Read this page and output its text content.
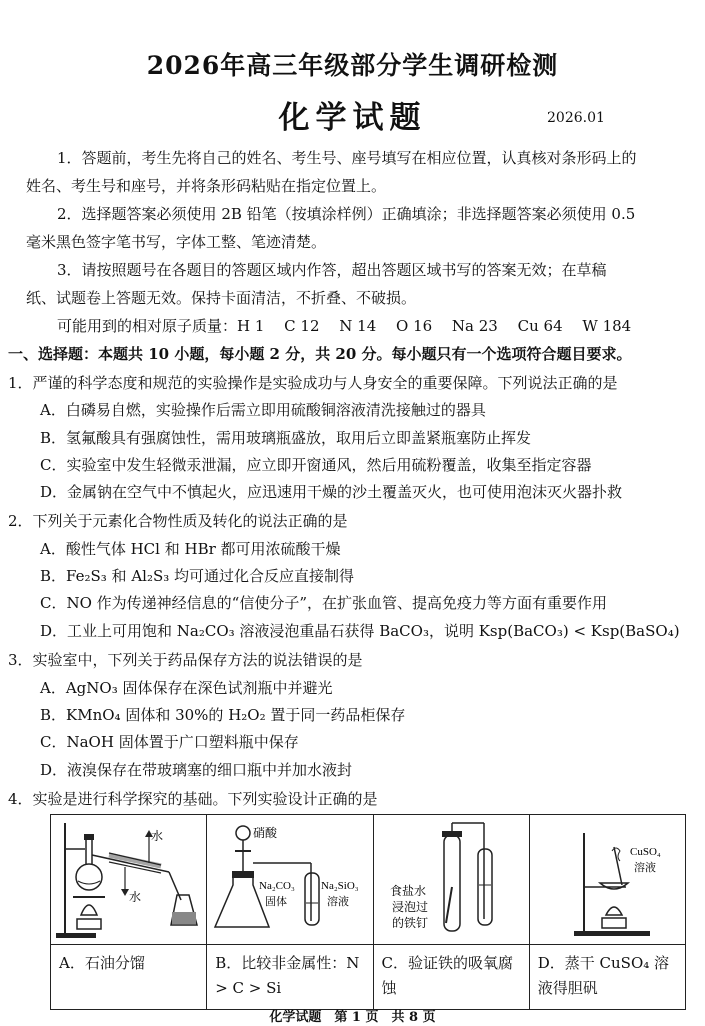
2026年高三年级部分学生调研检测
化学试题	2026.01
1．答题前，考生先将自己的姓名、考生号、座号填写在相应位置，认真核对条形码上的
姓名、考生号和座号，并将条形码粘贴在指定位置上。
2．选择题答案必须使用 2B 铅笔（按填涂样例）正确填涂；非选择题答案必须使用 0.5
毫米黑色签字笔书写，字体工整、笔迹清楚。
3．请按照题号在各题目的答题区域内作答，超出答题区域书写的答案无效；在草稿
纸、试题卷上答题无效。保持卡面清洁，不折叠、不破损。
可能用到的相对原子质量：H 1　 C 12　 N 14　 O 16　 Na 23　 Cu 64　 W 184
一、选择题：本题共 10 小题，每小题 2 分，共 20 分。每小题只有一个选项符合题目要求。
1．严谨的科学态度和规范的实验操作是实验成功与人身安全的重要保障。下列说法正确的是
A．白磷易自燃，实验操作后需立即用硫酸铜溶液清洗接触过的器具
B．氢氟酸具有强腐蚀性，需用玻璃瓶盛放，取用后立即盖紧瓶塞防止挥发
C．实验室中发生轻微汞泄漏，应立即开窗通风，然后用硫粉覆盖，收集至指定容器
D．金属钠在空气中不慎起火，应迅速用干燥的沙土覆盖灭火，也可使用泡沫灭火器扑救
2．下列关于元素化合物性质及转化的说法正确的是
A．酸性气体 HCl 和 HBr 都可用浓硫酸干燥
B．Fe₂S₃ 和 Al₂S₃ 均可通过化合反应直接制得
C．NO 作为传递神经信息的“信使分子”，在扩张血管、提高免疫力等方面有重要作用
D．工业上可用饱和 Na₂CO₃ 溶液浸泡重晶石获得 BaCO₃，说明 Ksp(BaCO₃) < Ksp(BaSO₄)
3．实验室中，下列关于药品保存方法的说法错误的是
A．AgNO₃ 固体保存在深色试剂瓶中并避光
B．KMnO₄ 固体和 30%的 H₂O₂ 置于同一药品柜保存
C．NaOH 固体置于广口塑料瓶中保存
D．液溴保存在带玻璃塞的细口瓶中并加水液封
4．实验是进行科学探究的基础。下列实验设计正确的是
水
水	硝酸
Na₂CO₃
固体
Na₂SiO₃
溶液	食盐水
浸泡过
的铁钉	CuSO₄
溶液

A．石油分馏	B．比较非金属性：N > C > Si	C．验证铁的吸氧腐蚀	D．蒸干 CuSO₄ 溶液得胆矾
化学试题　第 1 页　共 8 页
